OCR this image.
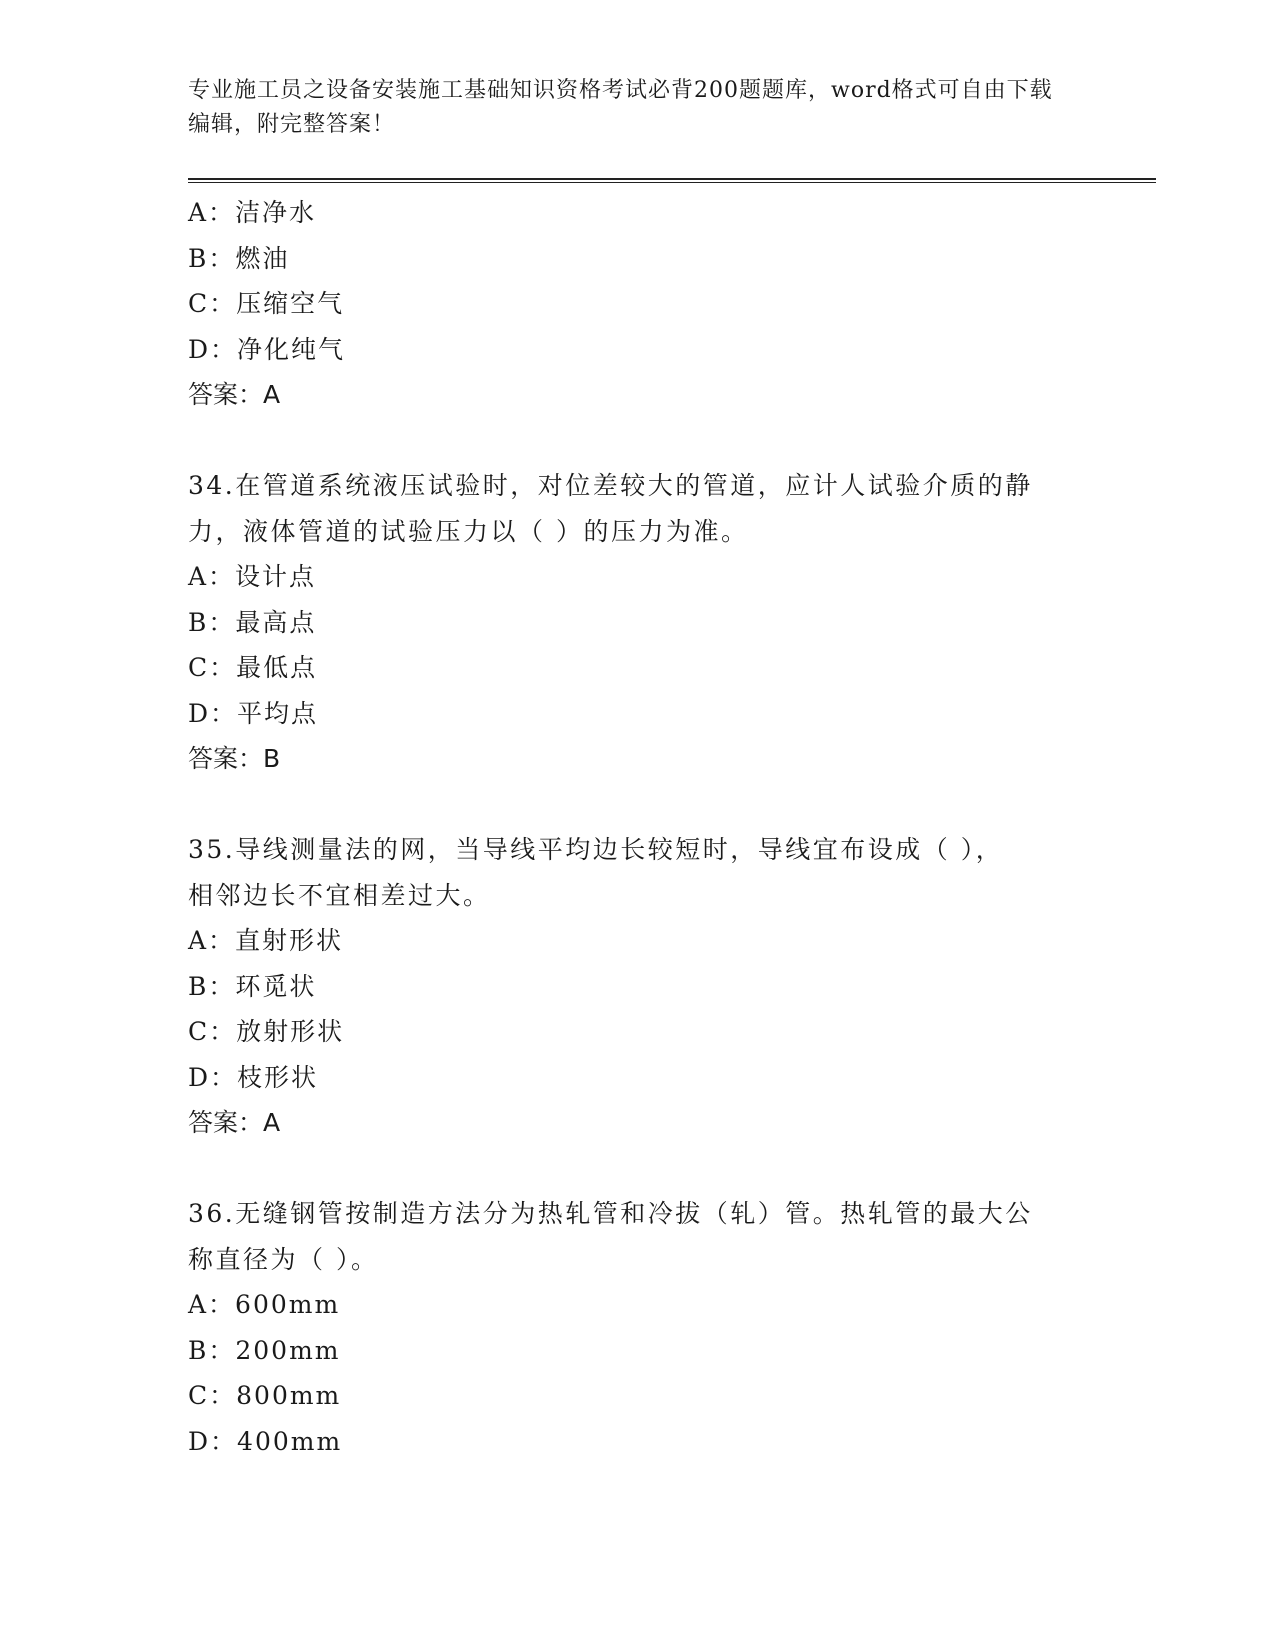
专业施工员之设备安装施工基础知识资格考试必背200题题库，word格式可自由下载编辑，附完整答案！
A：洁净水
B：燃油
C：压缩空气
D：净化纯气
答案：A
34.在管道系统液压试验时，对位差较大的管道，应计人试验介质的静
力，液体管道的试验压力以（ ）的压力为准。
A：设计点
B：最高点
C：最低点
D：平均点
答案：B
35.导线测量法的网，当导线平均边长较短时，导线宜布设成（ ），
相邻边长不宜相差过大。
A：直射形状
B：环觅状
C：放射形状
D：枝形状
答案：A
36.无缝钢管按制造方法分为热轧管和冷拔（轧）管。热轧管的最大公
称直径为（ ）。
A：600mm
B：200mm
C：800mm
D：400mm
